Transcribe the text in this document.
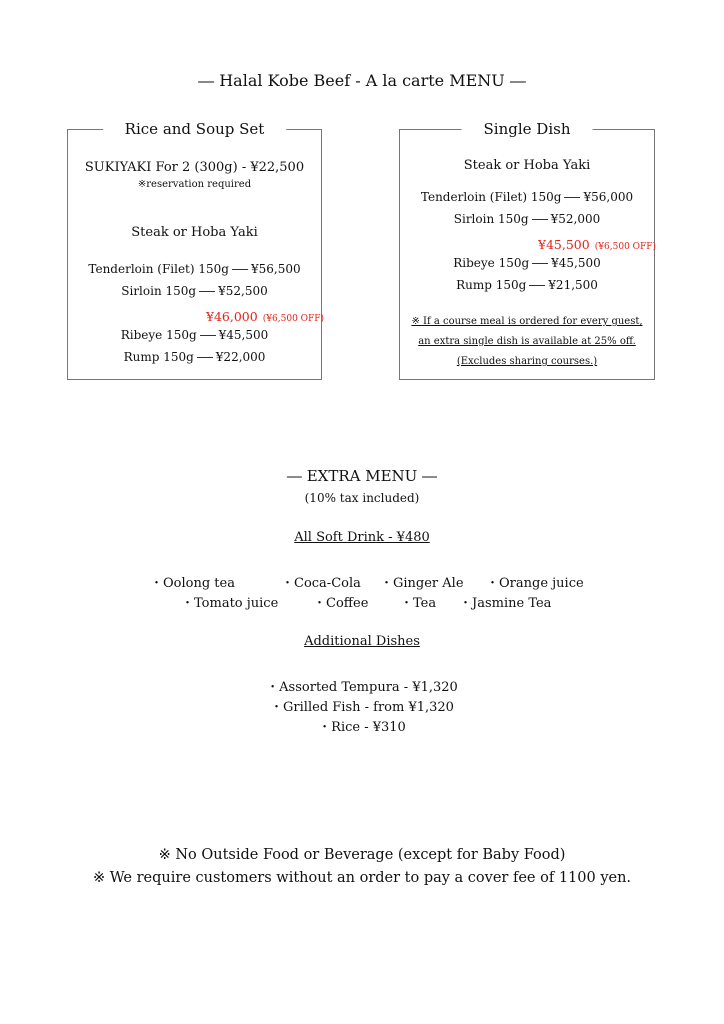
― Halal Kobe Beef - A la carte MENU ―
Rice and Soup Set
SUKIYAKI For 2 (300g) - ¥22,500
※reservation required
Steak or Hoba Yaki
Tenderloin (Filet) 150g ¥56,500
Sirloin 150g ¥52,500
¥46,000 (¥6,500 OFF)
Ribeye 150g ¥45,500
Rump 150g ¥22,000
Single Dish
Steak or Hoba Yaki
Tenderloin (Filet) 150g ¥56,000
Sirloin 150g ¥52,000
¥45,500 (¥6,500 OFF)
Ribeye 150g ¥45,500
Rump 150g ¥21,500
※ If a course meal is ordered for every guest,
an extra single dish is available at 25% off.
(Excludes sharing courses.)
― EXTRA MENU ―
(10% tax included)
All Soft Drink - ¥480
・Oolong tea	・Coca-Cola ・Ginger Ale ・Orange juice
・Tomato juice	・Coffee ・Tea ・Jasmine Tea
Additional Dishes
・Assorted Tempura - ¥1,320
・Grilled Fish - from ¥1,320
・Rice - ¥310
※ No Outside Food or Beverage (except for Baby Food)
※ We require customers without an order to pay a cover fee of 1100 yen.
